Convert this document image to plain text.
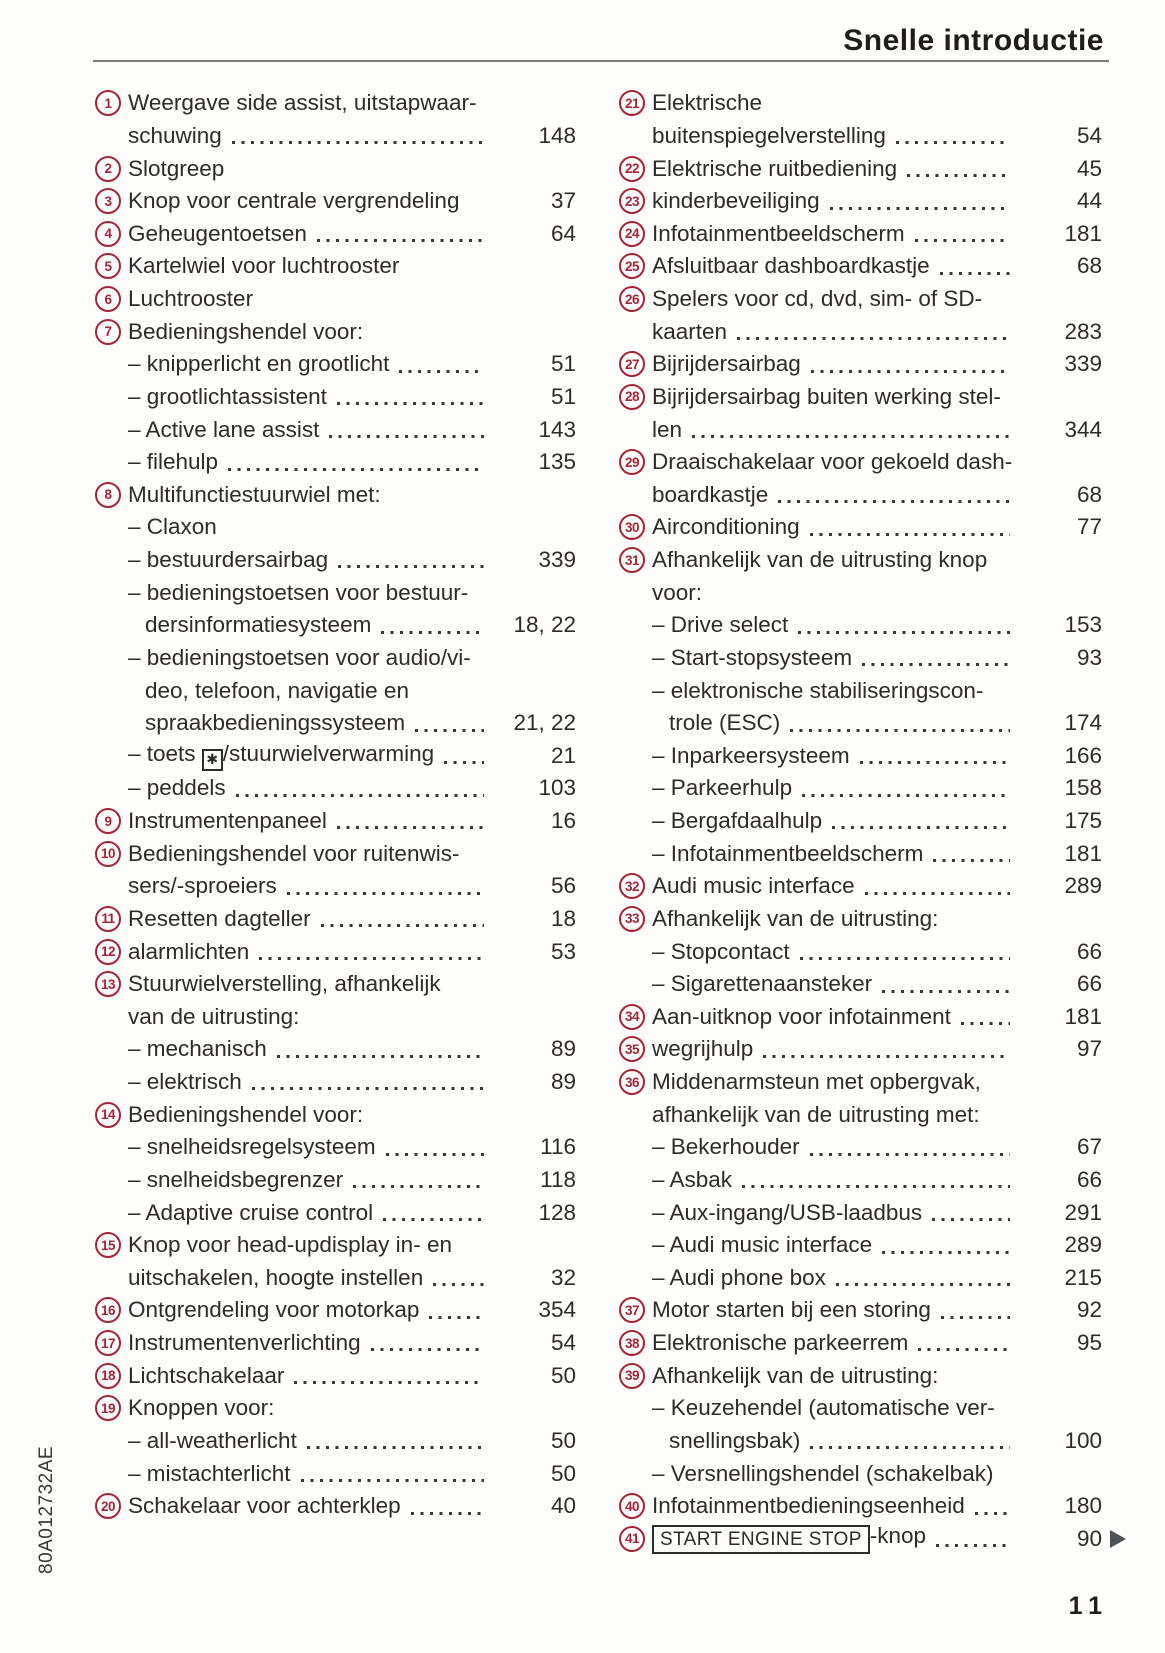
Snelle introductie
1 Weergave side assist, uitstapwaar-
schuwing	148
2 Slotgreep
3 Knop voor centrale vergrendeling	37
4 Geheugentoetsen	64
5 Kartelwiel voor luchtrooster
6 Luchtrooster
7 Bedieningshendel voor:
– knipperlicht en grootlicht	51
– grootlichtassistent	51
– Active lane assist	143
– filehulp	135
8 Multifunctiestuurwiel met:
– Claxon
– bestuurdersairbag	339
– bedieningstoetsen voor bestuur-
dersinformatiesysteem	18, 22
– bedieningstoetsen voor audio/vi-
deo, telefoon, navigatie en
spraakbedieningssysteem	21, 22
– toets ✱ /stuurwielverwarming	21
– peddels	103
9 Instrumentenpaneel	16
10 Bedieningshendel voor ruitenwis-
sers/-sproeiers	56
11 Resetten dagteller	18
12 alarmlichten	53
13 Stuurwielverstelling, afhankelijk
van de uitrusting:
– mechanisch	89
– elektrisch	89
14 Bedieningshendel voor:
– snelheidsregelsysteem	116
– snelheidsbegrenzer	118
– Adaptive cruise control	128
15 Knop voor head-updisplay in- en
uitschakelen, hoogte instellen	32
16 Ontgrendeling voor motorkap	354
17 Instrumentenverlichting	54
18 Lichtschakelaar	50
19 Knoppen voor:
– all-weatherlicht	50
– mistachterlicht	50
20 Schakelaar voor achterklep	40
21 Elektrische
buitenspiegelverstelling	54
22 Elektrische ruitbediening	45
23 kinderbeveiliging	44
24 Infotainmentbeeldscherm	181
25 Afsluitbaar dashboardkastje	68
26 Spelers voor cd, dvd, sim- of SD-
kaarten	283
27 Bijrijdersairbag	339
28 Bijrijdersairbag buiten werking stel-
len	344
29 Draaischakelaar voor gekoeld dash-
boardkastje	68
30 Airconditioning	77
31 Afhankelijk van de uitrusting knop
voor:
– Drive select	153
– Start-stopsysteem	93
– elektronische stabiliseringscon-
trole (ESC)	174
– Inparkeersysteem	166
– Parkeerhulp	158
– Bergafdaalhulp	175
– Infotainmentbeeldscherm	181
32 Audi music interface	289
33 Afhankelijk van de uitrusting:
– Stopcontact	66
– Sigarettenaansteker	66
34 Aan-uitknop voor infotainment	181
35 wegrijhulp	97
36 Middenarmsteun met opbergvak,
afhankelijk van de uitrusting met:
– Bekerhouder	67
– Asbak	66
– Aux-ingang/USB-laadbus	291
– Audi music interface	289
– Audi phone box	215
37 Motor starten bij een storing	92
38 Elektronische parkeerrem	95
39 Afhankelijk van de uitrusting:
– Keuzehendel (automatische ver-
snellingsbak)	100
– Versnellingshendel (schakelbak)
40 Infotainmentbedieningseenheid	180
41	START ENGINE STOP -knop	90
80A012732AE
11
